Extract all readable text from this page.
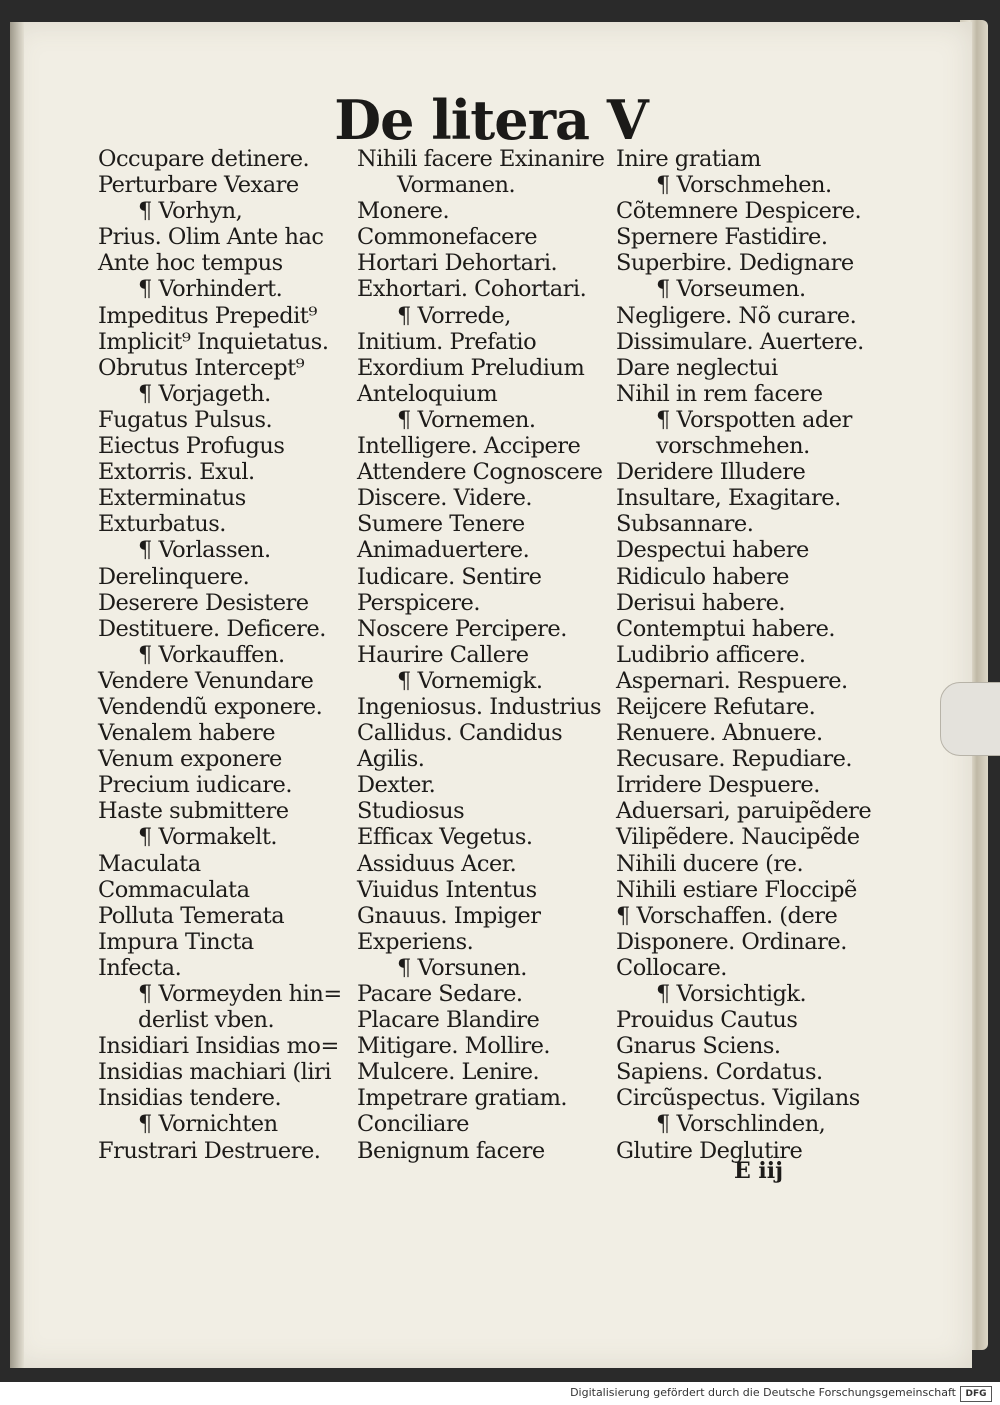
De litera V
Occupare detinere.
Perturbare Vexare
¶ Vorhyn,
Prius. Olim Ante hac
Ante hoc tempus
¶ Vorhindert.
Impeditus Prepedit⁹
Implicit⁹ Inquietatus.
Obrutus Intercept⁹
¶ Vorjageth.
Fugatus Pulsus.
Eiectus Profugus
Extorris. Exul.
Exterminatus
Exturbatus.
¶ Vorlassen.
Derelinquere.
Deserere Desistere
Destituere. Deficere.
¶ Vorkauffen.
Vendere Venundare
Vendendũ exponere.
Venalem habere
Venum exponere
Precium iudicare.
Haste submittere
¶ Vormakelt.
Maculata
Commaculata
Polluta Temerata
Impura Tincta
Infecta.
¶ Vormeyden hin=
derlist vben.
Insidiari Insidias mo=
Insidias machiari (liri
Insidias tendere.
¶ Vornichten
Frustrari Destruere.
Nihili facere Exinanire
Vormanen.
Monere.
Commonefacere
Hortari Dehortari.
Exhortari. Cohortari.
¶ Vorrede,
Initium. Prefatio
Exordium Preludium
Anteloquium
¶ Vornemen.
Intelligere. Accipere
Attendere Cognoscere
Discere. Videre.
Sumere Tenere
Animaduertere.
Iudicare. Sentire
Perspicere.
Noscere Percipere.
Haurire Callere
¶ Vornemigk.
Ingeniosus. Industrius
Callidus. Candidus
Agilis.
Dexter.
Studiosus
Efficax Vegetus.
Assiduus Acer.
Viuidus Intentus
Gnauus. Impiger
Experiens.
¶ Vorsunen.
Pacare Sedare.
Placare Blandire
Mitigare. Mollire.
Mulcere. Lenire.
Impetrare gratiam.
Conciliare
Benignum facere
Inire gratiam
¶ Vorschmehen.
Cõtemnere Despicere.
Spernere Fastidire.
Superbire. Dedignare
¶ Vorseumen.
Negligere. Nõ curare.
Dissimulare. Auertere.
Dare neglectui
Nihil in rem facere
¶ Vorspotten ader
vorschmehen.
Deridere Illudere
Insultare, Exagitare.
Subsannare.
Despectui habere
Ridiculo habere
Derisui habere.
Contemptui habere.
Ludibrio afficere.
Aspernari. Respuere.
Reijcere Refutare.
Renuere. Abnuere.
Recusare. Repudiare.
Irridere Despuere.
Aduersari, paruipẽdere
Vilipẽdere. Naucipẽde
Nihili ducere (re.
Nihili estiare Floccipẽ
¶ Vorschaffen. (dere
Disponere. Ordinare.
Collocare.
¶ Vorsichtigk.
Prouidus Cautus
Gnarus Sciens.
Sapiens. Cordatus.
Circũspectus. Vigilans
¶ Vorschlinden,
Glutire Deglutire
E iij
Digitalisierung gefördert durch die Deutsche Forschungsgemeinschaft	DFG
